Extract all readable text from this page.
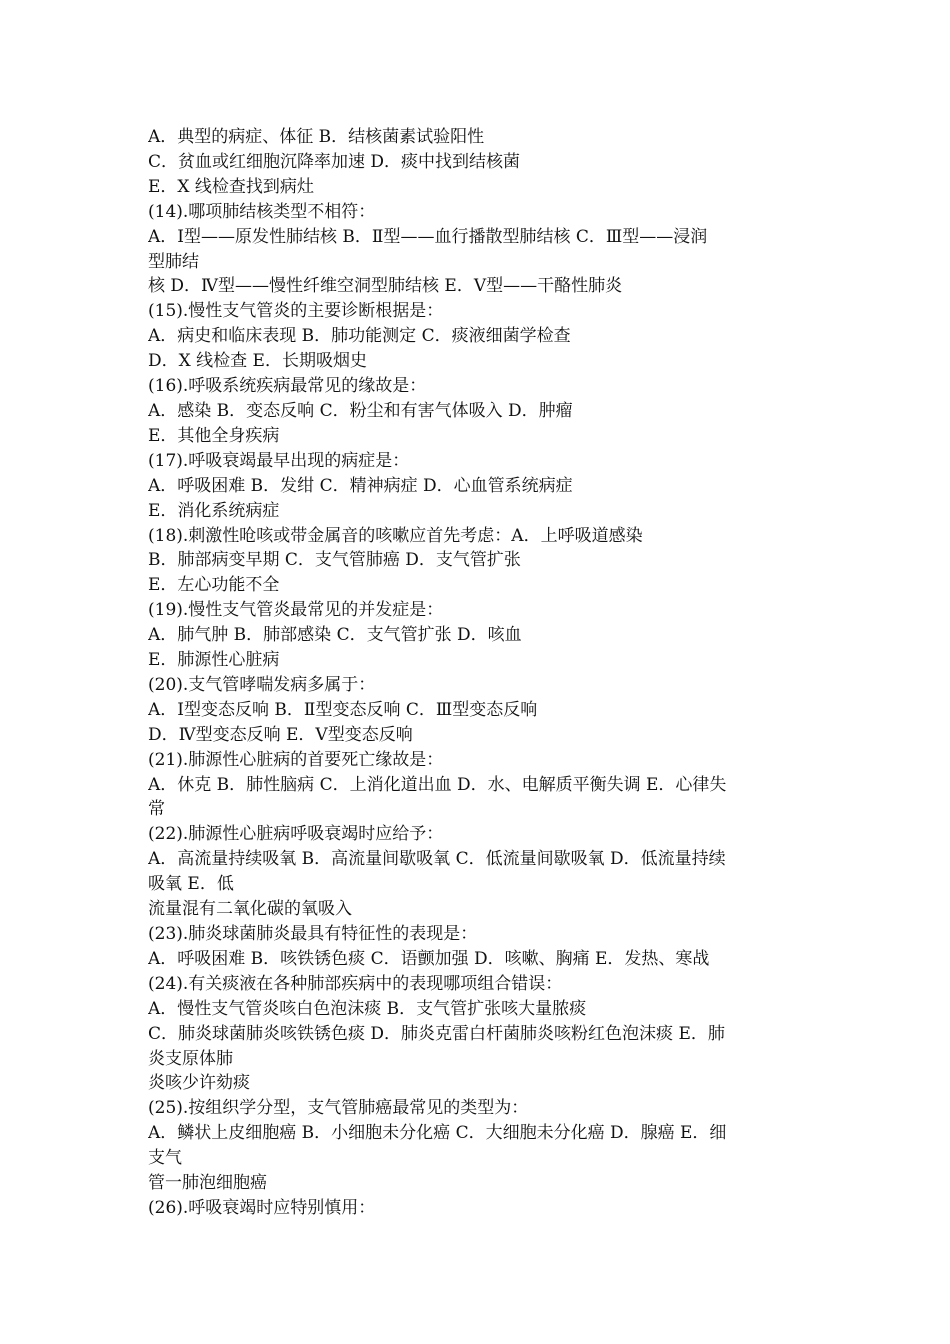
A．典型的病症、体征 B．结核菌素试验阳性
C．贫血或红细胞沉降率加速 D．痰中找到结核菌
E．X 线检查找到病灶
(14).哪项肺结核类型不相符：
A．Ⅰ型——原发性肺结核 B．Ⅱ型——血行播散型肺结核 C．Ⅲ型——浸润
型肺结
核 D．Ⅳ型——慢性纤维空洞型肺结核 E．Ⅴ型——干酪性肺炎
(15).慢性支气管炎的主要诊断根据是：
A．病史和临床表现 B．肺功能测定 C．痰液细菌学检查
D．X 线检查 E．长期吸烟史
(16).呼吸系统疾病最常见的缘故是：
A．感染 B．变态反响 C．粉尘和有害气体吸入 D．肿瘤
E．其他全身疾病
(17).呼吸衰竭最早出现的病症是：
A．呼吸困难 B．发绀 C．精神病症 D．心血管系统病症
E．消化系统病症
(18).刺激性呛咳或带金属音的咳嗽应首先考虑：A．上呼吸道感染
B．肺部病变早期 C．支气管肺癌 D．支气管扩张
E．左心功能不全
(19).慢性支气管炎最常见的并发症是：
A．肺气肿 B．肺部感染 C．支气管扩张 D．咳血
E．肺源性心脏病
(20).支气管哮喘发病多属于：
A．Ⅰ型变态反响 B．Ⅱ型变态反响 C．Ⅲ型变态反响
D．Ⅳ型变态反响 E．Ⅴ型变态反响
(21).肺源性心脏病的首要死亡缘故是：
A．休克 B．肺性脑病 C．上消化道出血 D．水、电解质平衡失调 E．心律失
常
(22).肺源性心脏病呼吸衰竭时应给予：
A．高流量持续吸氧 B．高流量间歇吸氧 C．低流量间歇吸氧 D．低流量持续
吸氧 E．低
流量混有二氧化碳的氧吸入
(23).肺炎球菌肺炎最具有特征性的表现是：
A．呼吸困难 B．咳铁锈色痰 C．语颤加强 D．咳嗽、胸痛 E．发热、寒战
(24).有关痰液在各种肺部疾病中的表现哪项组合错误：
A．慢性支气管炎咳白色泡沫痰 B．支气管扩张咳大量脓痰
C．肺炎球菌肺炎咳铁锈色痰 D．肺炎克雷白杆菌肺炎咳粉红色泡沫痰 E．肺
炎支原体肺
炎咳少许劾痰
(25).按组织学分型，支气管肺癌最常见的类型为：
A．鳞状上皮细胞癌 B．小细胞未分化癌 C．大细胞未分化癌 D．腺癌 E．细
支气
管一肺泡细胞癌
(26).呼吸衰竭时应特别慎用：
